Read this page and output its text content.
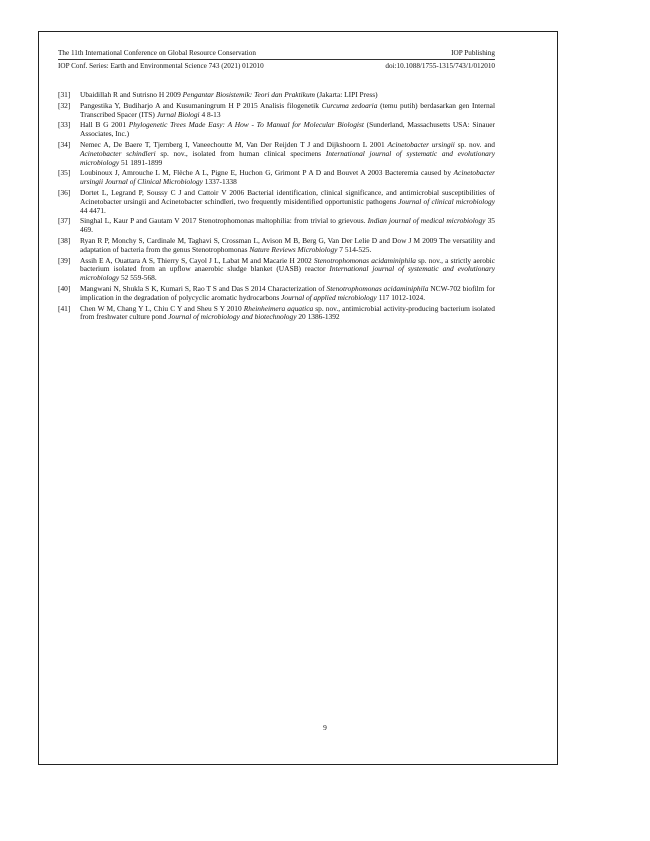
The 11th International Conference on Global Resource Conservation	IOP Publishing
IOP Conf. Series: Earth and Environmental Science 743 (2021) 012010	doi:10.1088/1755-1315/743/1/012010
[31] Ubaidillah R and Sutrisno H 2009 Pengantar Biosistemik: Teori dan Praktikum (Jakarta: LIPI Press)
[32] Pangestika Y, Budiharjo A and Kusumaningrum H P 2015 Analisis filogenetik Curcuma zedoaria (temu putih) berdasarkan gen Internal Transcribed Spacer (ITS) Jurnal Biologi 4 8-13
[33] Hall B G 2001 Phylogenetic Trees Made Easy: A How - To Manual for Molecular Biologist (Sunderland, Massachusetts USA: Sinauer Associates, Inc.)
[34] Nemec A, De Baere T, Tjernberg I, Vaneechoutte M, Van Der Reijden T J and Dijkshoorn L 2001 Acinetobacter ursingii sp. nov. and Acinetobacter schindleri sp. nov., isolated from human clinical specimens International journal of systematic and evolutionary microbiology 51 1891-1899
[35] Loubinoux J, Amrouche L M, Flèche A L, Pigne E, Huchon G, Grimont P A D and Bouvet A 2003 Bacteremia caused by Acinetobacter ursingii Journal of Clinical Microbiology 1337-1338
[36] Dortet L, Legrand P, Soussy C J and Cattoir V 2006 Bacterial identification, clinical significance, and antimicrobial susceptibilities of Acinetobacter ursingii and Acinetobacter schindleri, two frequently misidentified opportunistic pathogens Journal of clinical microbiology 44 4471.
[37] Singhal L, Kaur P and Gautam V 2017 Stenotrophomonas maltophilia: from trivial to grievous. Indian journal of medical microbiology 35 469.
[38] Ryan R P, Monchy S, Cardinale M, Taghavi S, Crossman L, Avison M B, Berg G, Van Der Lelie D and Dow J M 2009 The versatility and adaptation of bacteria from the genus Stenotrophomonas Nature Reviews Microbiology 7 514-525.
[39] Assih E A, Ouattara A S, Thierry S, Cayol J L, Labat M and Macarie H 2002 Stenotrophomonas acidaminiphila sp. nov., a strictly aerobic bacterium isolated from an upflow anaerobic sludge blanket (UASB) reactor International journal of systematic and evolutionary microbiology 52 559-568.
[40] Mangwani N, Shukla S K, Kumari S, Rao T S and Das S 2014 Characterization of Stenotrophomonas acidaminiphila NCW-702 biofilm for implication in the degradation of polycyclic aromatic hydrocarbons Journal of applied microbiology 117 1012-1024.
[41] Chen W M, Chang Y L, Chiu C Y and Sheu S Y 2010 Rheinheimera aquatica sp. nov., antimicrobial activity-producing bacterium isolated from freshwater culture pond Journal of microbiology and biotechnology 20 1386-1392
9
